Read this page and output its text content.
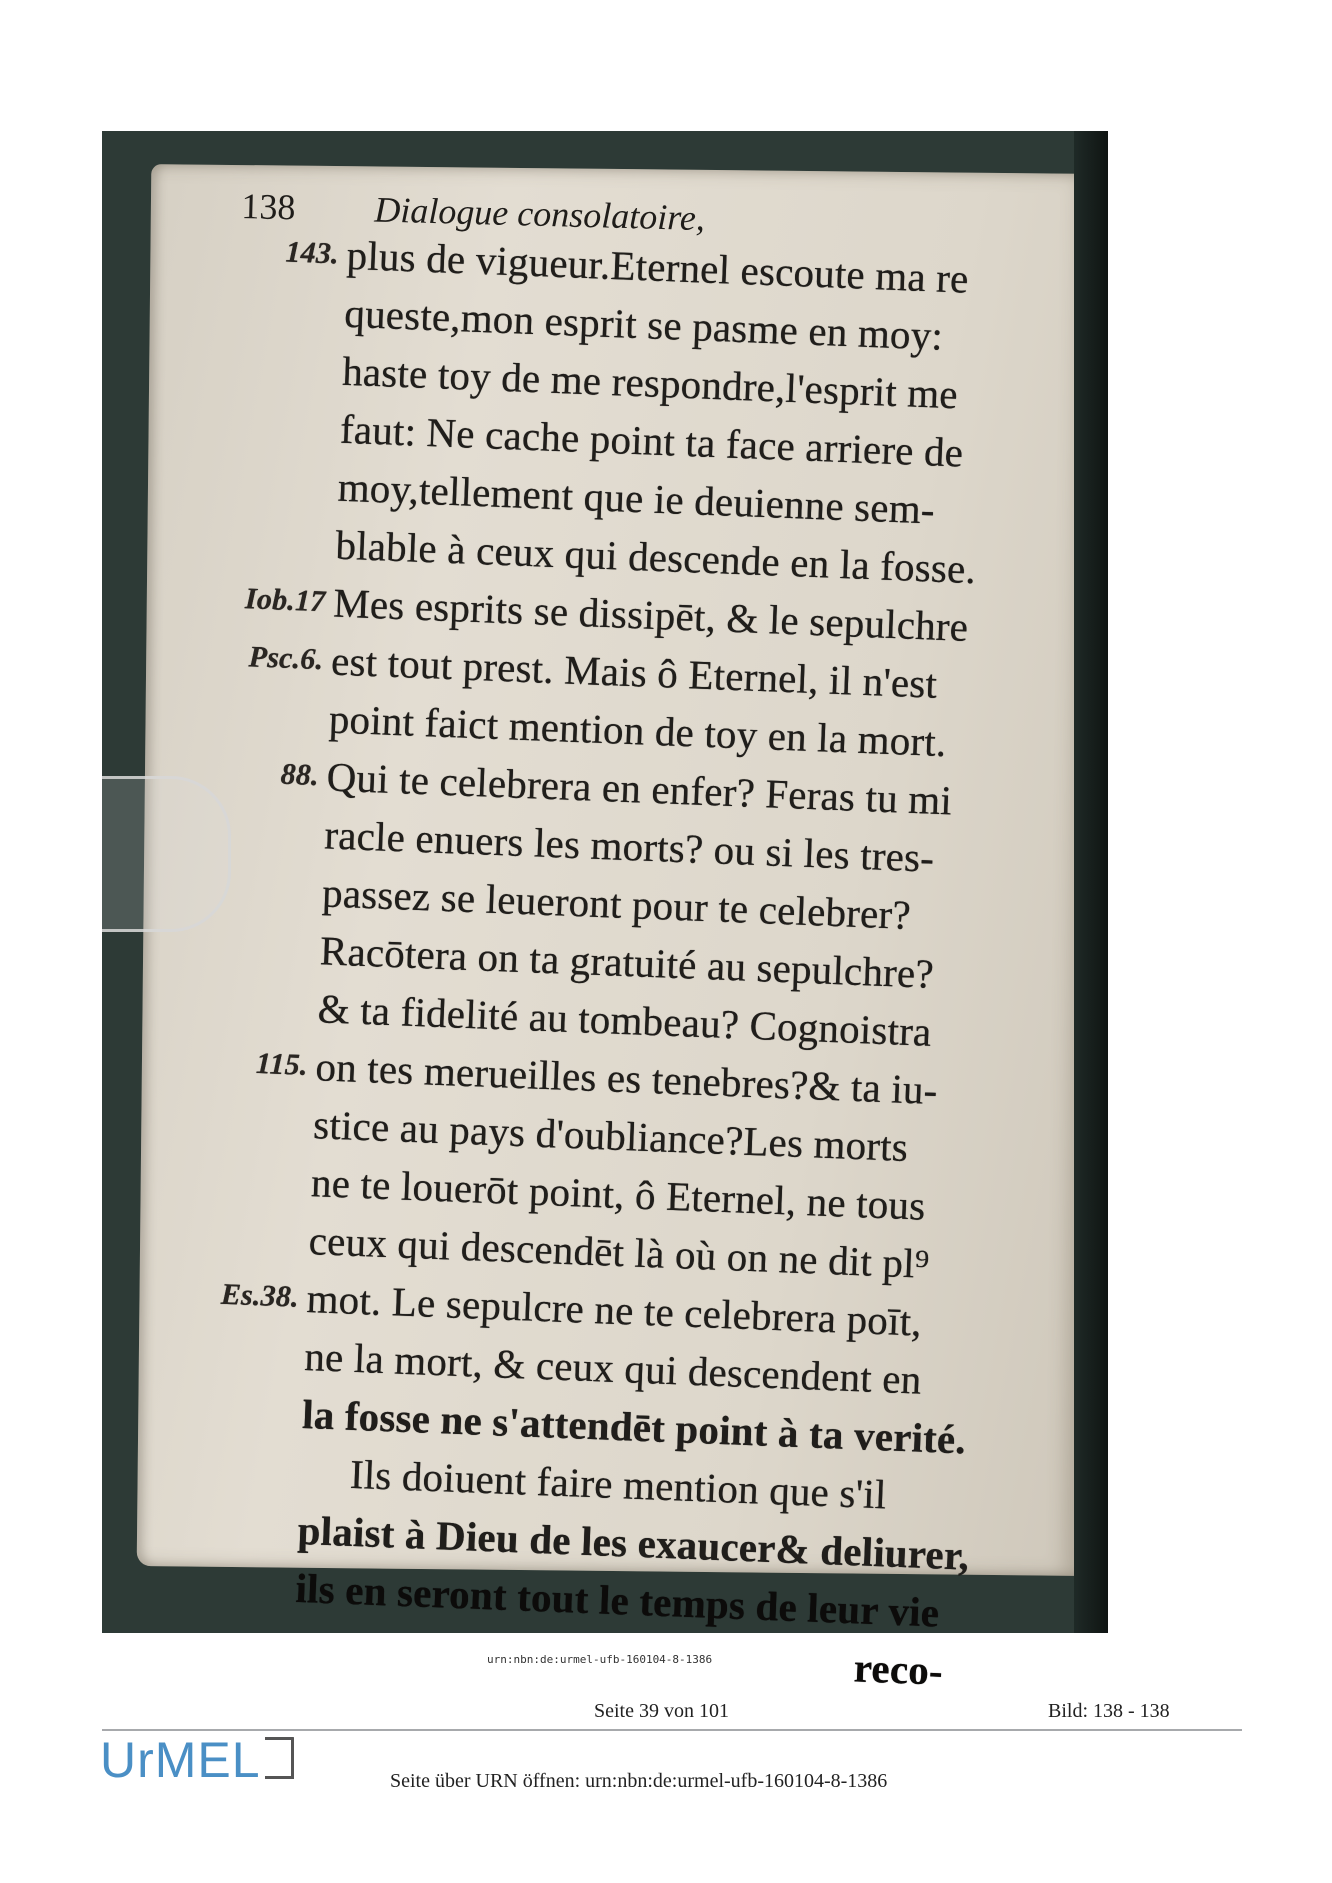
138 Dialogue consolatoire,
143. plus de vigueur.Eternel escoute ma re
queste,mon esprit se pasme en moy:
haste toy de me respondre,l'esprit me
faut: Ne cache point ta face arriere de
moy,tellement que ie deuienne sem-
blable à ceux qui descende en la fosse.
Iob.17 Mes esprits se dissipēt, & le sepulchre
Psc.6. est tout prest. Mais ô Eternel, il n'est
point faict mention de toy en la mort.
88. Qui te celebrera en enfer? Feras tu mi
racle enuers les morts? ou si les tres-
passez se leueront pour te celebrer?
Racōtera on ta gratuité au sepulchre?
& ta fidelité au tombeau? Cognoistra
115. on tes merueilles es tenebres?& ta iu-
stice au pays d'oubliance?Les morts
ne te louerōt point, ô Eternel, ne tous
ceux qui descendēt là où on ne dit pl⁹
Es.38. mot. Le sepulcre ne te celebrera poīt,
ne la mort, & ceux qui descendent en
la fosse ne s'attendēt point à ta verité.
Ils doiuent faire mention que s'il
plaist à Dieu de les exaucer& deliurer,
ils en seront tout le temps de leur vie
reco-
urn:nbn:de:urmel-ufb-160104-8-1386
Seite 39 von 101	Bild: 138 - 138
UrMEL	Seite über URN öffnen: urn:nbn:de:urmel-ufb-160104-8-1386
